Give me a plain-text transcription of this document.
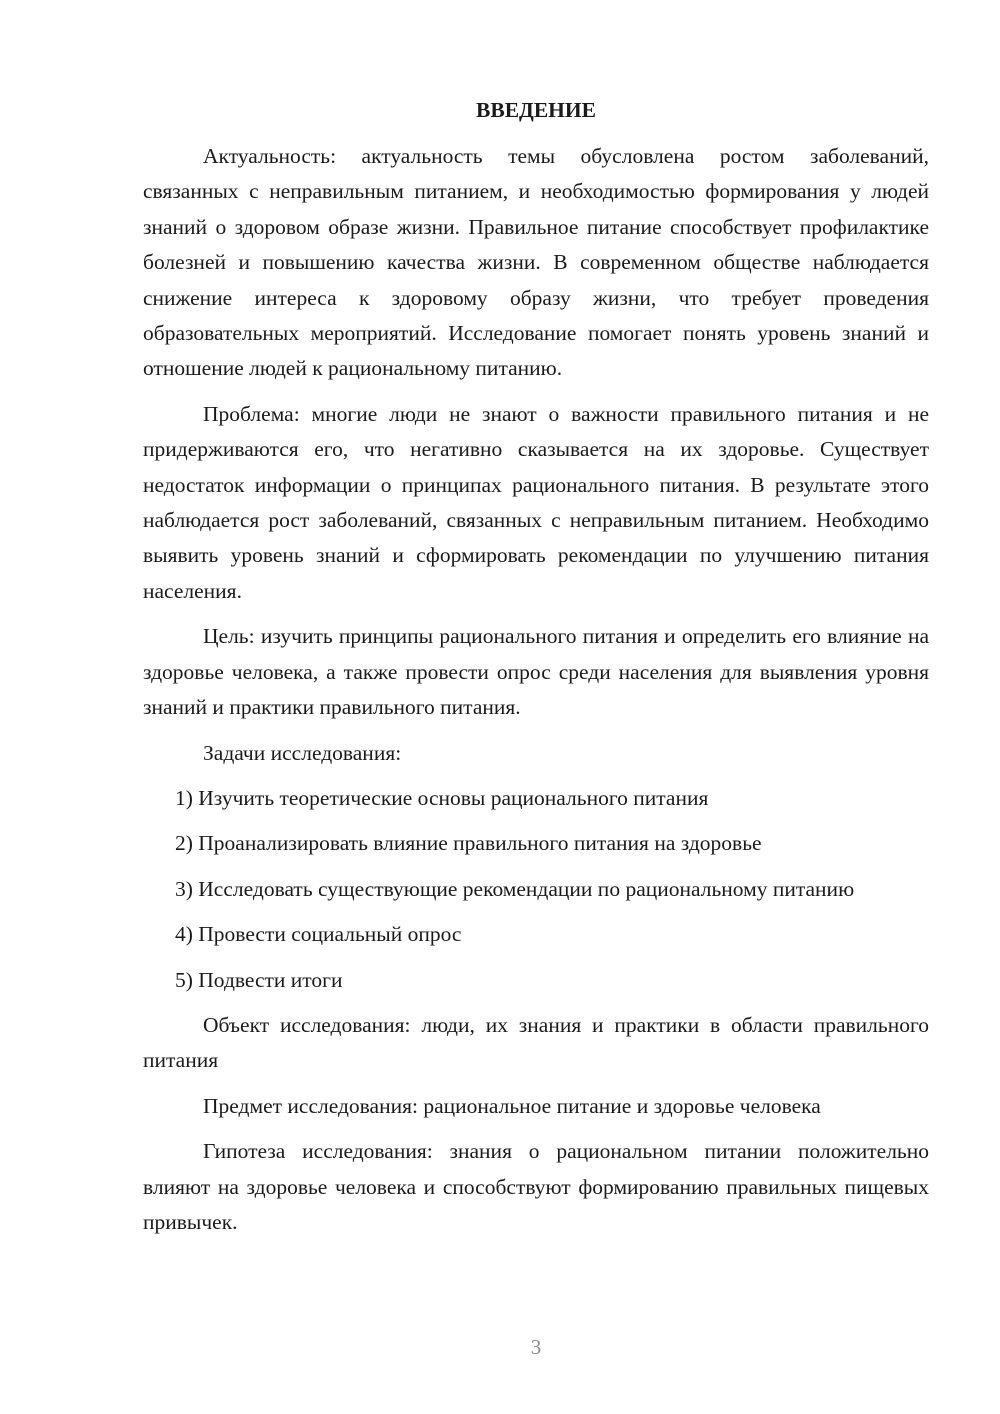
ВВЕДЕНИЕ

Актуальность: актуальность темы обусловлена ростом заболеваний, связанных с неправильным питанием, и необходимостью формирования у людей знаний о здоровом образе жизни. Правильное питание способствует профилактике болезней и повышению качества жизни. В современном обществе наблюдается снижение интереса к здоровому образу жизни, что требует проведения образовательных мероприятий. Исследование помогает понять уровень знаний и отношение людей к рациональному питанию.

Проблема: многие люди не знают о важности правильного питания и не придерживаются его, что негативно сказывается на их здоровье. Существует недостаток информации о принципах рационального питания. В результате этого наблюдается рост заболеваний, связанных с неправильным питанием. Необходимо выявить уровень знаний и сформировать рекомендации по улучшению питания населения.

Цель: изучить принципы рационального питания и определить его влияние на здоровье человека, а также провести опрос среди населения для выявления уровня знаний и практики правильного питания.

Задачи исследования:

1) Изучить теоретические основы рационального питания

2) Проанализировать влияние правильного питания на здоровье

3) Исследовать существующие рекомендации по рациональному питанию

4) Провести социальный опрос

5) Подвести итоги

Объект исследования: люди, их знания и практики в области правильного питания

Предмет исследования: рациональное питание и здоровье человека

Гипотеза исследования: знания о рациональном питании положительно влияют на здоровье человека и способствуют формированию правильных пищевых привычек.

3
